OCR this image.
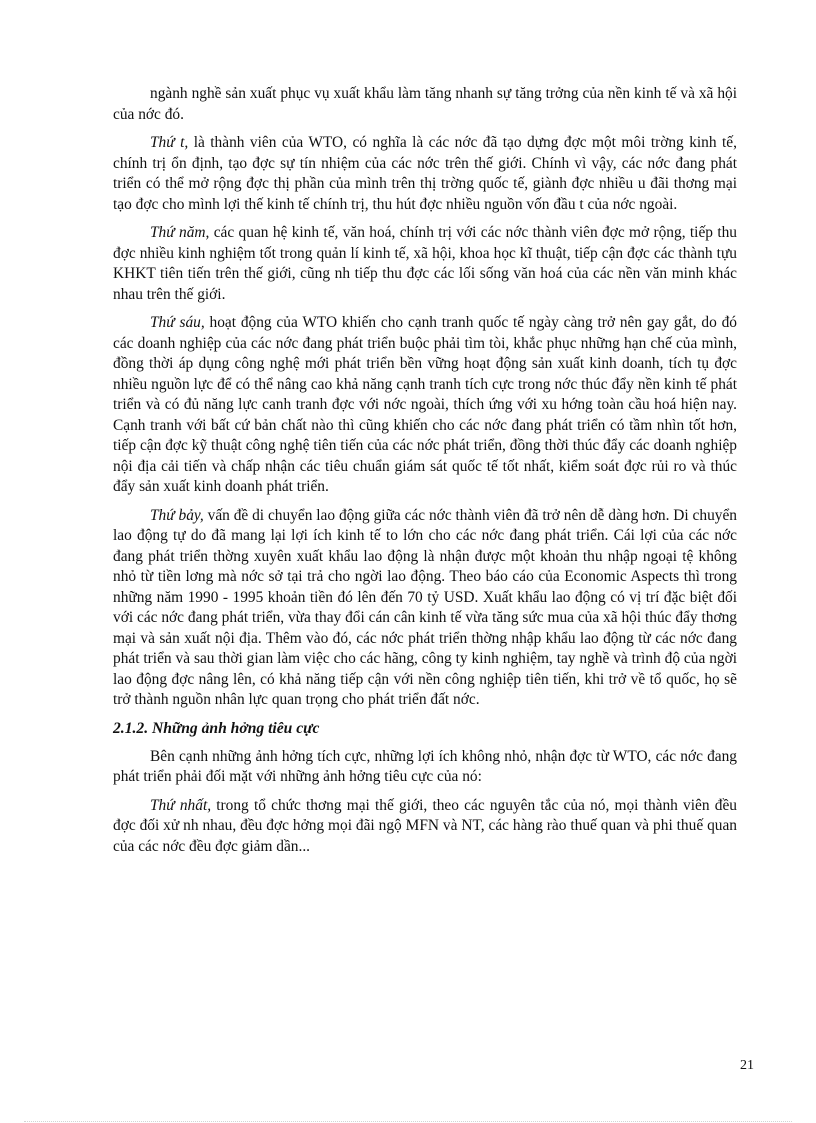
ngành nghề sản xuất phục vụ xuất khẩu làm tăng nhanh sự tăng trởng của nền kinh tế và xã hội của nớc đó.

Thứ t, là thành viên của WTO, có nghĩa là các nớc đã tạo dựng đợc một môi trờng kinh tế, chính trị ổn định, tạo đợc sự tín nhiệm của các nớc trên thế giới. Chính vì vậy, các nớc đang phát triển có thể mở rộng đợc thị phần của mình trên thị trờng quốc tế, giành đợc nhiều u đãi thơng mại tạo đợc cho mình lợi thế kinh tế chính trị, thu hút đợc nhiều nguồn vốn đầu t của nớc ngoài.

Thứ năm, các quan hệ kinh tế, văn hoá, chính trị với các nớc thành viên đợc mở rộng, tiếp thu đợc nhiều kinh nghiệm tốt trong quản lí kinh tế, xã hội, khoa học kĩ thuật, tiếp cận đợc các thành tựu KHKT tiên tiến trên thế giới, cũng nh tiếp thu đợc các lối sống văn hoá của các nền văn minh khác nhau trên thế giới.

Thứ sáu, hoạt động của WTO khiến cho cạnh tranh quốc tế ngày càng trở nên gay gắt, do đó các doanh nghiệp của các nớc đang phát triển buộc phải tìm tòi, khắc phục những hạn chế của mình, đồng thời áp dụng công nghệ mới phát triển bền vững hoạt động sản xuất kinh doanh, tích tụ đợc nhiều nguồn lực để có thể nâng cao khả năng cạnh tranh tích cực trong nớc thúc đẩy nền kinh tế phát triển và có đủ năng lực canh tranh đợc với nớc ngoài, thích ứng với xu hớng toàn cầu hoá hiện nay. Cạnh tranh với bất cứ bản chất nào thì cũng khiến cho các nớc đang phát triển có tầm nhìn tốt hơn, tiếp cận đợc kỹ thuật công nghệ tiên tiến của các nớc phát triển, đồng thời thúc đẩy các doanh nghiệp nội địa cải tiến và chấp nhận các tiêu chuẩn giám sát quốc tế tốt nhất, kiểm soát đợc rủi ro và thúc đẩy sản xuất kinh doanh phát triển.

Thứ bảy, vấn đề di chuyển lao động giữa các nớc thành viên đã trở nên dễ dàng hơn. Di chuyển lao động tự do đã mang lại lợi ích kinh tế to lớn cho các nớc đang phát triển. Cái lợi của các nớc đang phát triển thờng xuyên xuất khẩu lao động là nhận được một khoản thu nhập ngoại tệ không nhỏ từ tiền lơng mà nớc sở tại trả cho ngời lao động. Theo báo cáo của Economic Aspects thì trong những năm 1990 - 1995 khoản tiền đó lên đến 70 tỷ USD. Xuất khẩu lao động có vị trí đặc biệt đối với các nớc đang phát triển, vừa thay đổi cán cân kinh tế vừa tăng sức mua của xã hội thúc đẩy thơng mại và sản xuất nội địa. Thêm vào đó, các nớc phát triển thờng nhập khẩu lao động từ các nớc đang phát triển và sau thời gian làm việc cho các hãng, công ty kinh nghiệm, tay nghề và trình độ của ngời lao động đợc nâng lên, có khả năng tiếp cận với nền công nghiệp tiên tiến, khi trở về tổ quốc, họ sẽ trở thành nguồn nhân lực quan trọng cho phát triển đất nớc.

2.1.2. Những ảnh hởng tiêu cực

Bên cạnh những ảnh hởng tích cực, những lợi ích không nhỏ, nhận đợc từ WTO, các nớc đang phát triển phải đối mặt với những ảnh hởng tiêu cực của nó:

Thứ nhất, trong tổ chức thơng mại thế giới, theo các nguyên tắc của nó, mọi thành viên đều đợc đối xử nh nhau, đều đợc hởng mọi đãi ngộ MFN và NT, các hàng rào thuế quan và phi thuế quan của các nớc đều đợc giảm dần...

21
